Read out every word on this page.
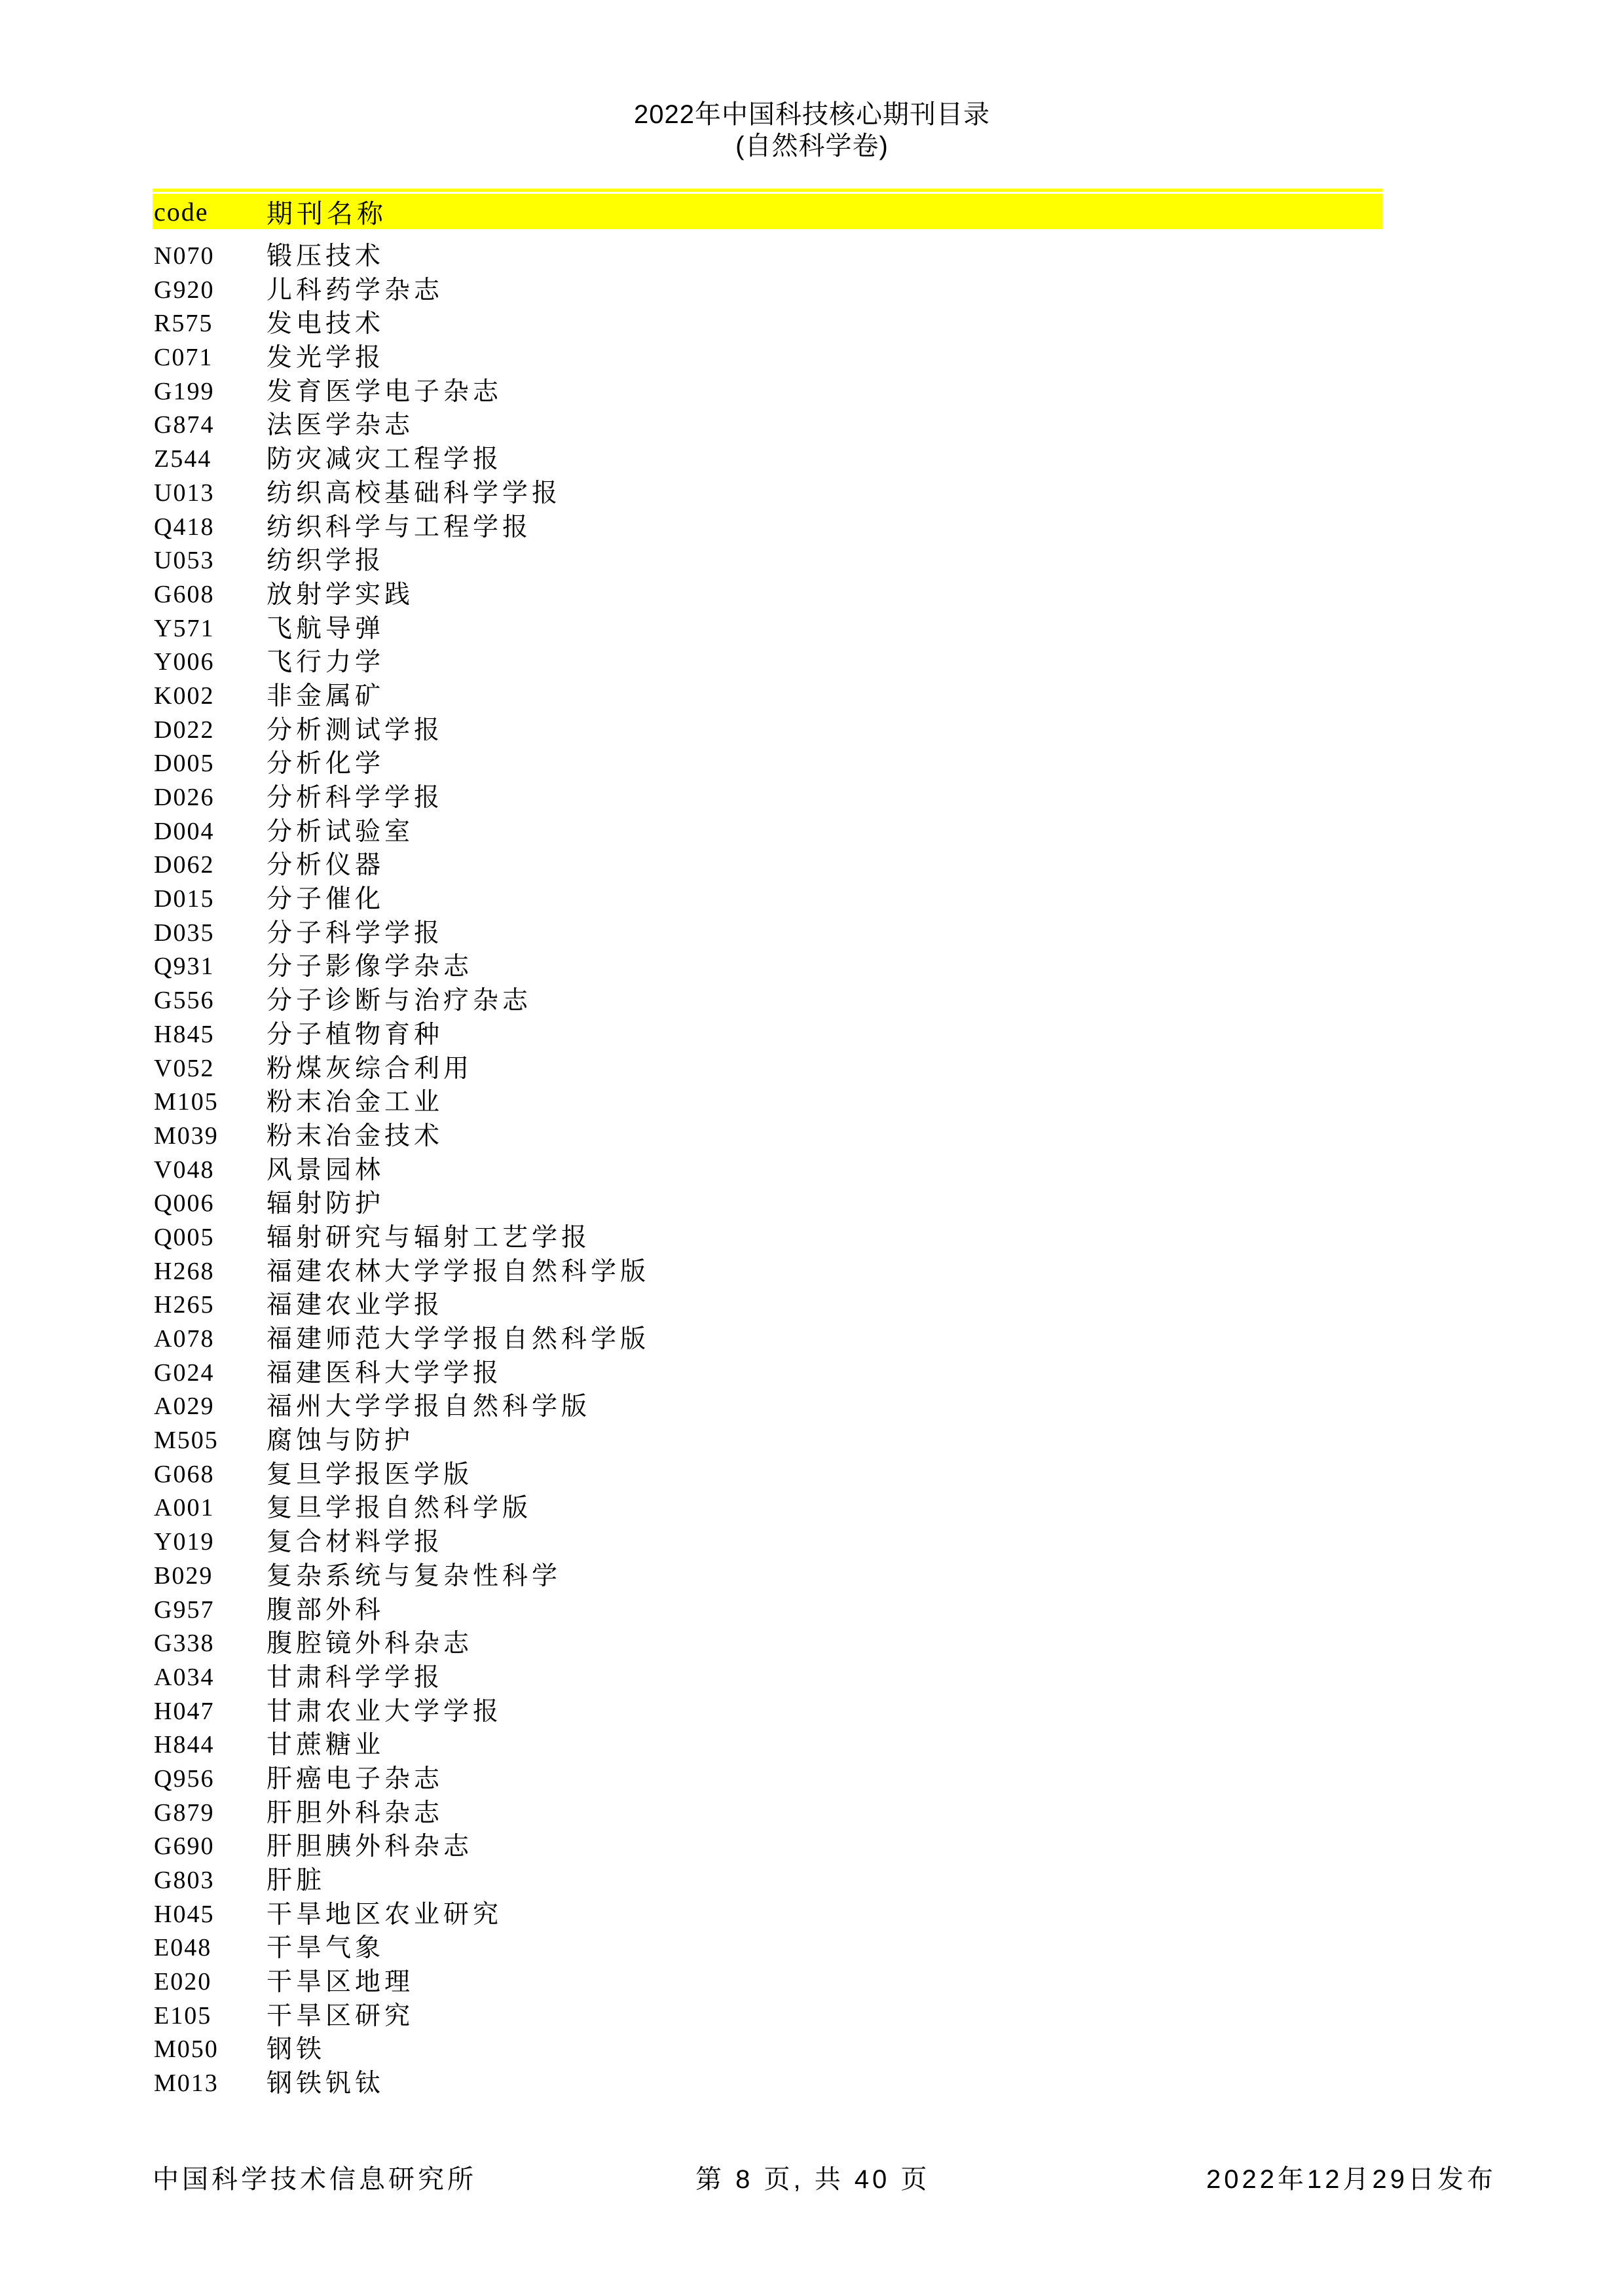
2022年中国科技核心期刊目录
(自然科学卷)
code	期刊名称
N070	锻压技术
G920	儿科药学杂志
R575	发电技术
C071	发光学报
G199	发育医学电子杂志
G874	法医学杂志
Z544	防灾减灾工程学报
U013	纺织高校基础科学学报
Q418	纺织科学与工程学报
U053	纺织学报
G608	放射学实践
Y571	飞航导弹
Y006	飞行力学
K002	非金属矿
D022	分析测试学报
D005	分析化学
D026	分析科学学报
D004	分析试验室
D062	分析仪器
D015	分子催化
D035	分子科学学报
Q931	分子影像学杂志
G556	分子诊断与治疗杂志
H845	分子植物育种
V052	粉煤灰综合利用
M105	粉末冶金工业
M039	粉末冶金技术
V048	风景园林
Q006	辐射防护
Q005	辐射研究与辐射工艺学报
H268	福建农林大学学报自然科学版
H265	福建农业学报
A078	福建师范大学学报自然科学版
G024	福建医科大学学报
A029	福州大学学报自然科学版
M505	腐蚀与防护
G068	复旦学报医学版
A001	复旦学报自然科学版
Y019	复合材料学报
B029	复杂系统与复杂性科学
G957	腹部外科
G338	腹腔镜外科杂志
A034	甘肃科学学报
H047	甘肃农业大学学报
H844	甘蔗糖业
Q956	肝癌电子杂志
G879	肝胆外科杂志
G690	肝胆胰外科杂志
G803	肝脏
H045	干旱地区农业研究
E048	干旱气象
E020	干旱区地理
E105	干旱区研究
M050	钢铁
M013	钢铁钒钛

中国科学技术信息研究所

	第 8 页, 共 40 页

	2022年12月29日发布
